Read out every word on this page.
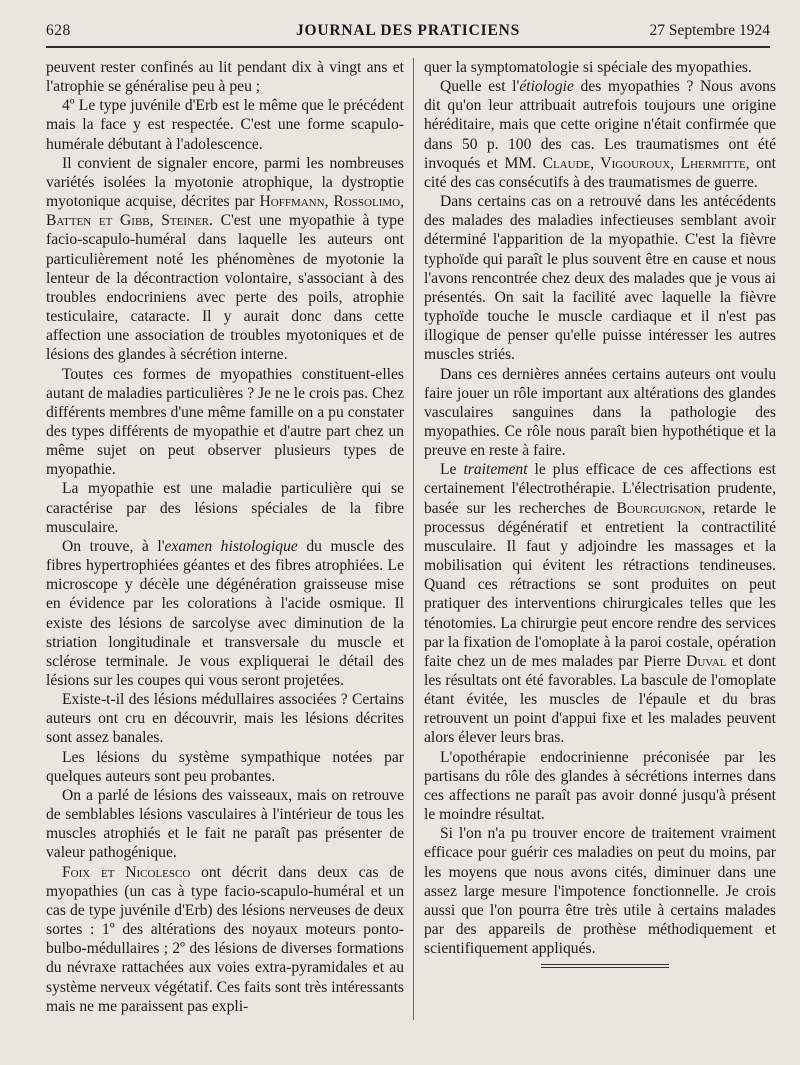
628	JOURNAL DES PRATICIENS	27 Septembre 1924

peuvent rester confinés au lit pendant dix à vingt ans et l'atrophie se généralise peu à peu ;

4º Le type juvénile d'Erb est le même que le précédent mais la face y est respectée. C'est une forme scapulo-humérale débutant à l'adolescence.

Il convient de signaler encore, parmi les nombreuses variétés isolées la myotonie atrophique, la dystroptie myotonique acquise, décrites par Hoffmann, Rossolimo, Batten et Gibb, Steiner. C'est une myopathie à type facio-scapulo-huméral dans laquelle les auteurs ont particulièrement noté les phénomènes de myotonie la lenteur de la décontraction volontaire, s'associant à des troubles endocriniens avec perte des poils, atrophie testiculaire, cataracte. Il y aurait donc dans cette affection une association de troubles myotoniques et de lésions des glandes à sécrétion interne.

Toutes ces formes de myopathies constituent-elles autant de maladies particulières ? Je ne le crois pas. Chez différents membres d'une même famille on a pu constater des types différents de myopathie et d'autre part chez un même sujet on peut observer plusieurs types de myopathie.

La myopathie est une maladie particulière qui se caractérise par des lésions spéciales de la fibre musculaire.

On trouve, à l'examen histologique du muscle des fibres hypertrophiées géantes et des fibres atrophiées. Le microscope y décèle une dégénération graisseuse mise en évidence par les colorations à l'acide osmique. Il existe des lésions de sarcolyse avec diminution de la striation longitudinale et transversale du muscle et sclérose terminale. Je vous expliquerai le détail des lésions sur les coupes qui vous seront projetées.

Existe-t-il des lésions médullaires associées ? Certains auteurs ont cru en découvrir, mais les lésions décrites sont assez banales.

Les lésions du système sympathique notées par quelques auteurs sont peu probantes.

On a parlé de lésions des vaisseaux, mais on retrouve de semblables lésions vasculaires à l'intérieur de tous les muscles atrophiés et le fait ne paraît pas présenter de valeur pathogénique.

Foix et Nicolesco ont décrit dans deux cas de myopathies (un cas à type facio-scapulo-huméral et un cas de type juvénile d'Erb) des lésions nerveuses de deux sortes : 1º des altérations des noyaux moteurs ponto-bulbo-médullaires ; 2º des lésions de diverses formations du névraxe rattachées aux voies extra-pyramidales et au système nerveux végétatif. Ces faits sont très intéressants mais ne me paraissent pas expli-

quer la symptomatologie si spéciale des myopathies.

Quelle est l'étiologie des myopathies ? Nous avons dit qu'on leur attribuait autrefois toujours une origine héréditaire, mais que cette origine n'était confirmée que dans 50 p. 100 des cas. Les traumatismes ont été invoqués et MM. Claude, Vigouroux, Lhermitte, ont cité des cas consécutifs à des traumatismes de guerre.

Dans certains cas on a retrouvé dans les antécédents des malades des maladies infectieuses semblant avoir déterminé l'apparition de la myopathie. C'est la fièvre typhoïde qui paraît le plus souvent être en cause et nous l'avons rencontrée chez deux des malades que je vous ai présentés. On sait la facilité avec laquelle la fièvre typhoïde touche le muscle cardiaque et il n'est pas illogique de penser qu'elle puisse intéresser les autres muscles striés.

Dans ces dernières années certains auteurs ont voulu faire jouer un rôle important aux altérations des glandes vasculaires sanguines dans la pathologie des myopathies. Ce rôle nous paraît bien hypothétique et la preuve en reste à faire.

Le traitement le plus efficace de ces affections est certainement l'électrothérapie. L'électrisation prudente, basée sur les recherches de Bourguignon, retarde le processus dégénératif et entretient la contractilité musculaire. Il faut y adjoindre les massages et la mobilisation qui évitent les rétractions tendineuses. Quand ces rétractions se sont produites on peut pratiquer des interventions chirurgicales telles que les ténotomies. La chirurgie peut encore rendre des services par la fixation de l'omoplate à la paroi costale, opération faite chez un de mes malades par Pierre Duval et dont les résultats ont été favorables. La bascule de l'omoplate étant évitée, les muscles de l'épaule et du bras retrouvent un point d'appui fixe et les malades peuvent alors élever leurs bras.

L'opothérapie endocrinienne préconisée par les partisans du rôle des glandes à sécrétions internes dans ces affections ne paraît pas avoir donné jusqu'à présent le moindre résultat.

Si l'on n'a pu trouver encore de traitement vraiment efficace pour guérir ces maladies on peut du moins, par les moyens que nous avons cités, diminuer dans une assez large mesure l'impotence fonctionnelle. Je crois aussi que l'on pourra être très utile à certains malades par des appareils de prothèse méthodiquement et scientifiquement appliqués.
